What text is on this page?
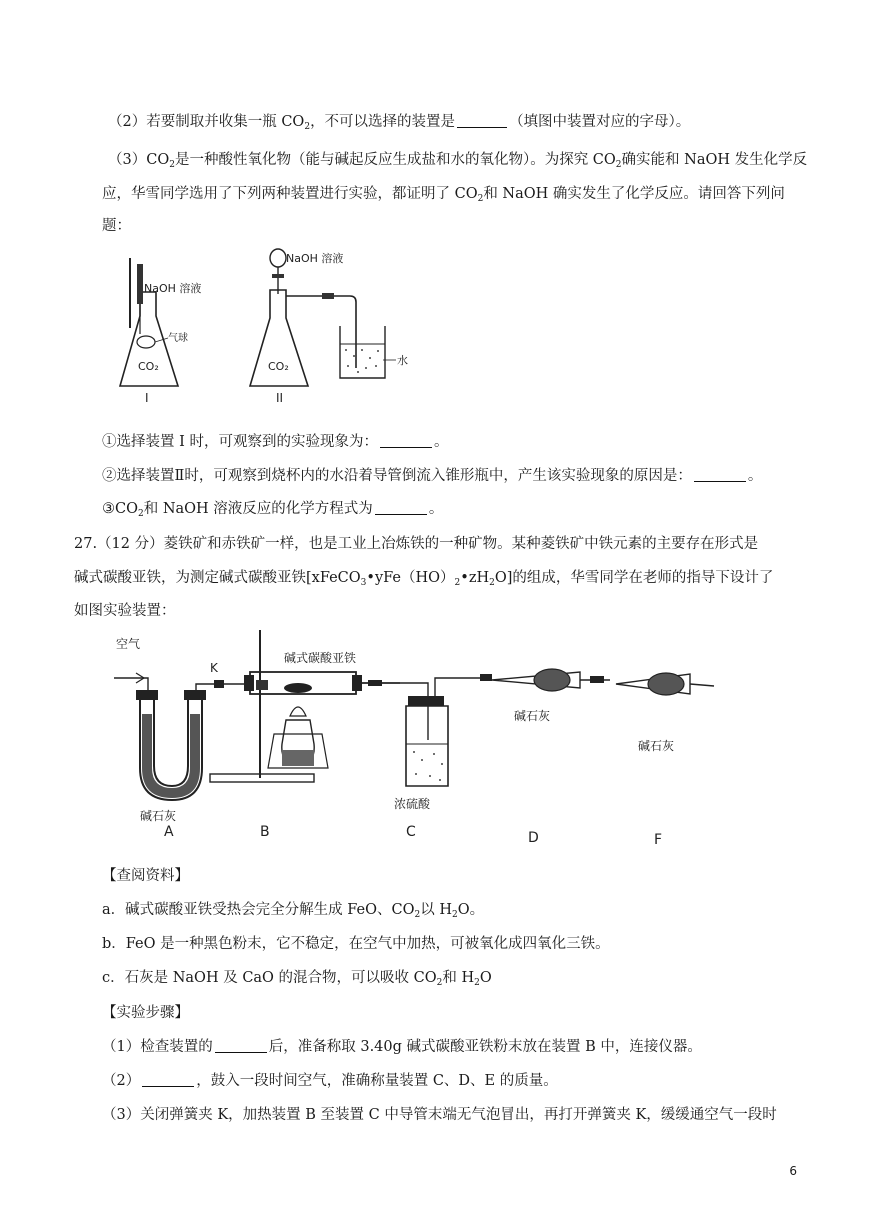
（2）若要制取并收集一瓶 $CO_2$，不可以选择的装置是	（填图中装置对应的字母）。
$(3)CO_2$是一种酸性氧化物（能与碱起反应生成盐和水的氧化物）。为探究 $CO_2$确实能和 NaOH 发生化学反
应，华雪同学选用了下列两种装置进行实验，都证明了 $CO_2$和 NaOH 确实发生了化学反应。请回答下列问
题：
NaOH 溶液
气球
CO₂
I
NaOH 溶液
CO₂	水
II
①选择装置 I 时，可观察到的实验现象为：	。
②选择装置Ⅱ时，可观察到烧杯内的水沿着导管倒流入锥形瓶中，产生该实验现象的原因是：	。
$③CO_2$和 NaOH 溶液反应的化学方程式为	。
27.（12 分）菱铁矿和赤铁矿一样，也是工业上冶炼铁的一种矿物。某种菱铁矿中铁元素的主要存在形式是
碱式碳酸亚铁，为测定碱式碳酸亚铁$[xFeCO_3•yFe(HO)_2•zH_2O]$的组成，华雪同学在老师的指导下设计了
如图实验装置：
空气
碱石灰
A
K
碱式碳酸亚铁
B
浓硫酸
C
碱石灰
D
碱石灰
F
【查阅资料】
a．碱式碳酸亚铁受热会完全分解生成 FeO、$CO_2$以 $H_2O$。
b．FeO 是一种黑色粉末，它不稳定，在空气中加热，可被氧化成四氧化三铁。
c．石灰是 NaOH 及 CaO 的混合物，可以吸收 $CO_2$和 $H_2O$
【实验步骤】
（1）检查装置的	后，准备称取 3.40g 碱式碳酸亚铁粉末放在装置 B 中，连接仪器。
（2）	，鼓入一段时间空气，准确称量装置 C、D、E 的质量。
（3）关闭弹簧夹 K，加热装置 B 至装置 C 中导管末端无气泡冒出，再打开弹簧夹 K，缓缓通空气一段时
6
